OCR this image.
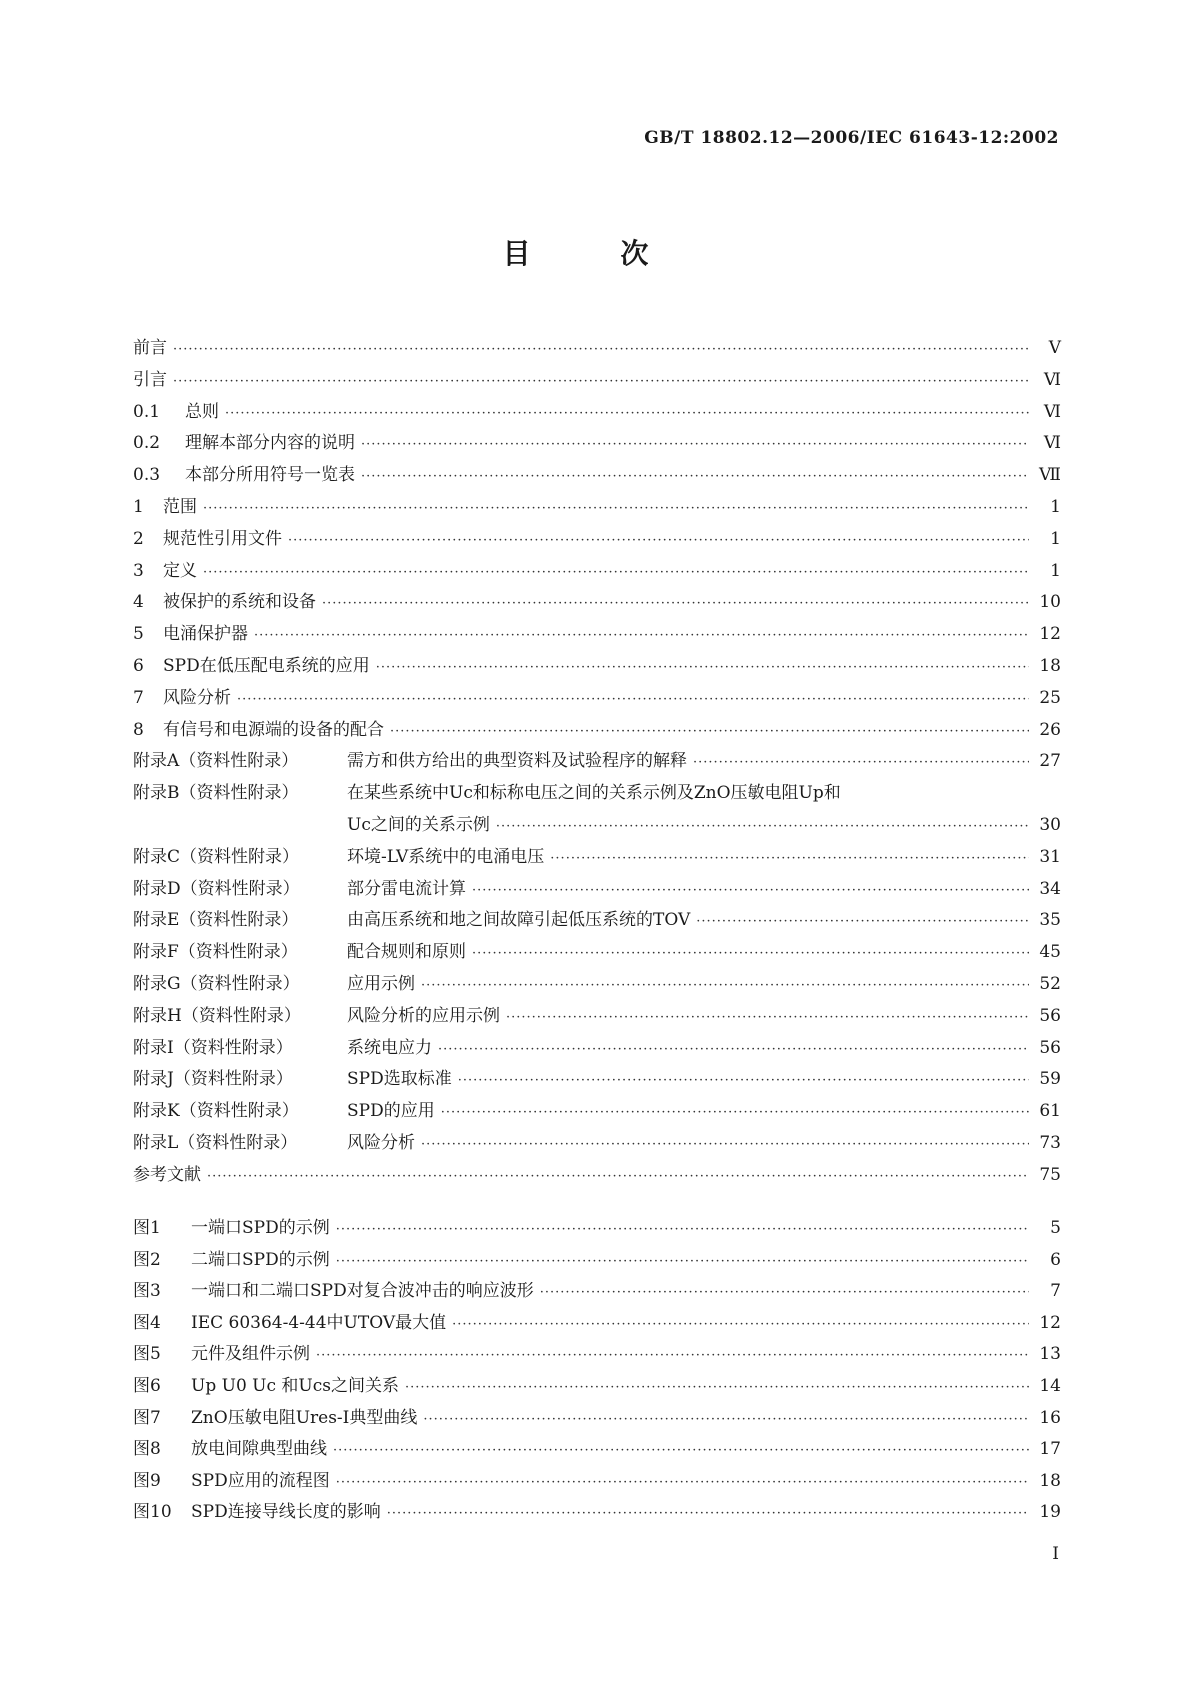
GB/T 18802.12—2006/IEC 61643-12:2002
目 次
前言 ·····	Ⅴ
引言 ·····	Ⅵ
0.1	总则 ·····	Ⅵ
0.2	理解本部分内容的说明 ·····	Ⅵ
0.3	本部分所用符号一览表 ·····	Ⅶ
1	范围 ·····	1
2	规范性引用文件 ·····	1
3	定义 ·····	1
4	被保护的系统和设备 ·····	10
5	电涌保护器 ·····	12
6	SPD在低压配电系统的应用 ·····	18
7	风险分析 ·····	25
8	有信号和电源端的设备的配合 ·····	26
附录A（资料性附录）	需方和供方给出的典型资料及试验程序的解释 ·····	27
附录B（资料性附录）	在某些系统中Uc和标称电压之间的关系示例及ZnO压敏电阻Up和
Uc之间的关系示例 ·····	30
附录C（资料性附录）	环境-LV系统中的电涌电压 ·····	31
附录D（资料性附录）	部分雷电流计算 ·····	34
附录E（资料性附录）	由高压系统和地之间故障引起低压系统的TOV ·····	35
附录F（资料性附录）	配合规则和原则 ·····	45
附录G（资料性附录）	应用示例 ·····	52
附录H（资料性附录）	风险分析的应用示例 ·····	56
附录I（资料性附录）	系统电应力 ·····	56
附录J（资料性附录）	SPD选取标准 ·····	59
附录K（资料性附录）	SPD的应用 ·····	61
附录L（资料性附录）	风险分析 ·····	73
参考文献 ·····	75
图1	一端口SPD的示例 ·····	5
图2	二端口SPD的示例 ·····	6
图3	一端口和二端口SPD对复合波冲击的响应波形 ·····	7
图4	IEC 60364-4-44中UTOV最大值 ·····	12
图5	元件及组件示例 ·····	13
图6	Up U0 Uc 和Ucs之间关系 ·····	14
图7	ZnO压敏电阻Ures-I典型曲线 ·····	16
图8	放电间隙典型曲线 ·····	17
图9	SPD应用的流程图 ·····	18
图10	SPD连接导线长度的影响 ·····	19
I
